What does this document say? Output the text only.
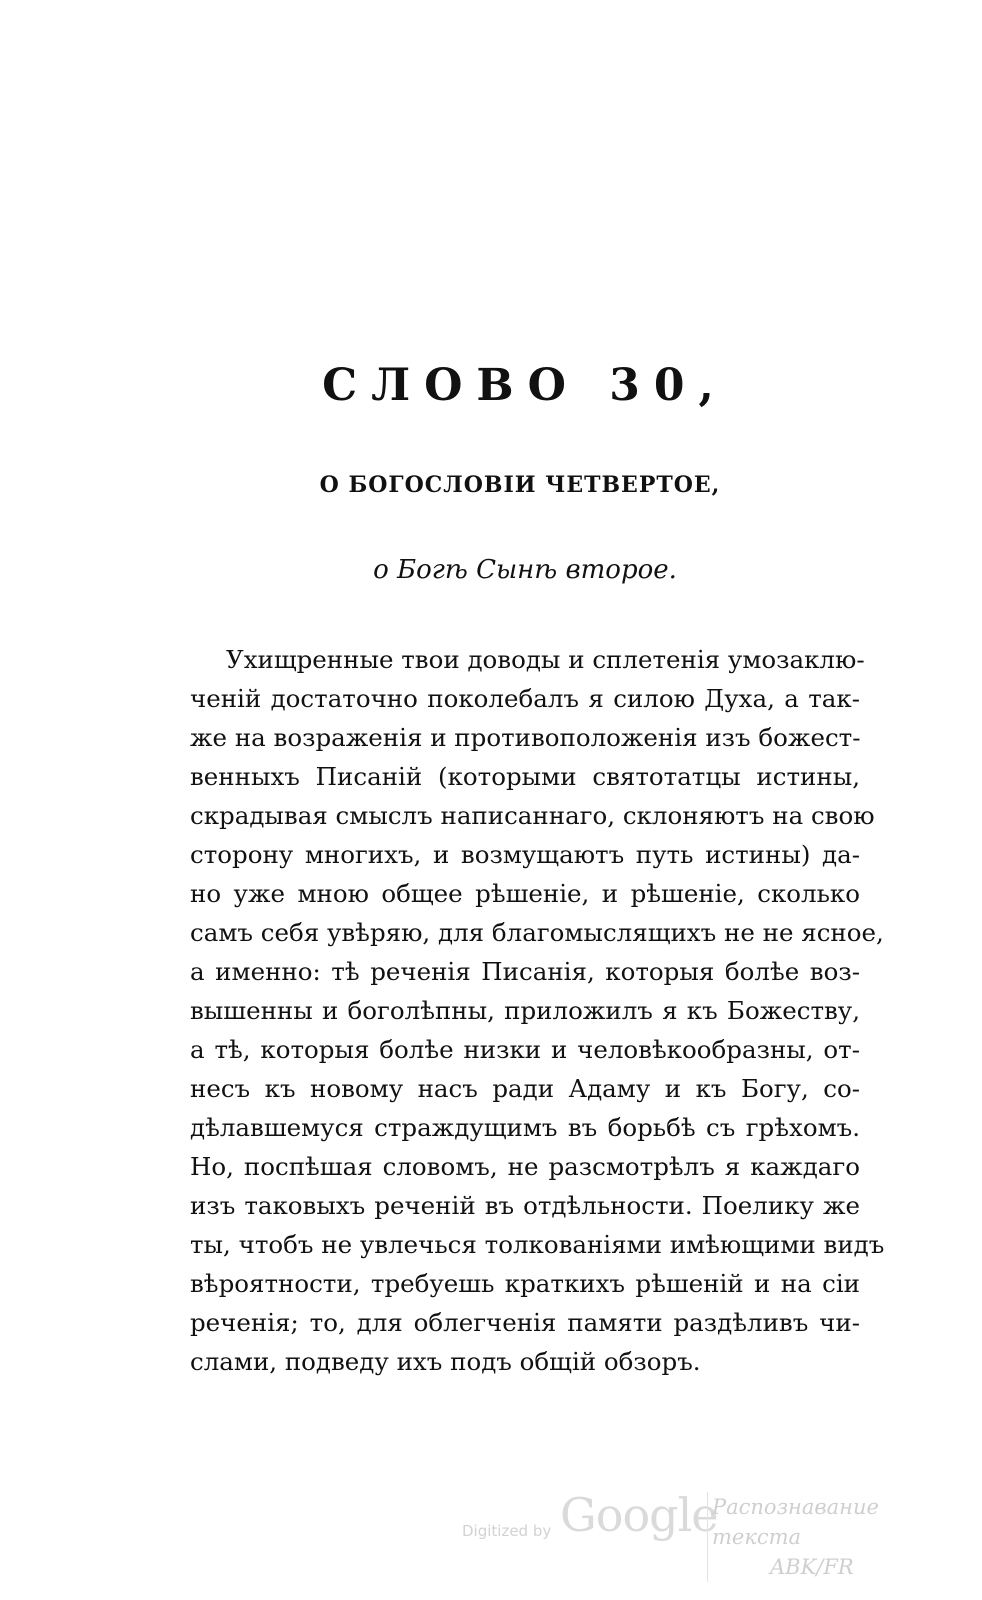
СЛОВО 30,
О БОГОСЛОВІИ ЧЕТВЕРТОЕ,
о Богѣ Сынѣ второе.
Ухищренные твои доводы и сплетенія умозаклю-
ченій достаточно поколебалъ я силою Духа, а так-
же на возраженія и противоположенія изъ божест-
венныхъ Писаній (которыми святотатцы истины,
скрадывая смыслъ написаннаго, склоняютъ на свою
сторону многихъ, и возмущаютъ путь истины) да-
но уже мною общее рѣшеніе, и рѣшеніе, сколько
самъ себя увѣряю, для благомыслящихъ не не ясное,
а именно: тѣ реченія Писанія, которыя болѣе воз-
вышенны и боголѣпны, приложилъ я къ Божеству,
а тѣ, которыя болѣе низки и человѣкообразны, от-
несъ къ новому насъ ради Адаму и къ Богу, со-
дѣлавшемуся страждущимъ въ борьбѣ съ грѣхомъ.
Но, поспѣшая словомъ, не разсмотрѣлъ я каждаго
изъ таковыхъ реченій въ отдѣльности. Поелику же
ты, чтобъ не увлечься толкованіями имѣющими видъ
вѣроятности, требуешь краткихъ рѣшеній и на сіи
реченія; то, для облегченія памяти раздѣливъ чи-
слами, подведу ихъ подъ общій обзоръ.
Digitized by Google
Распознавание текста
ABK/FR
